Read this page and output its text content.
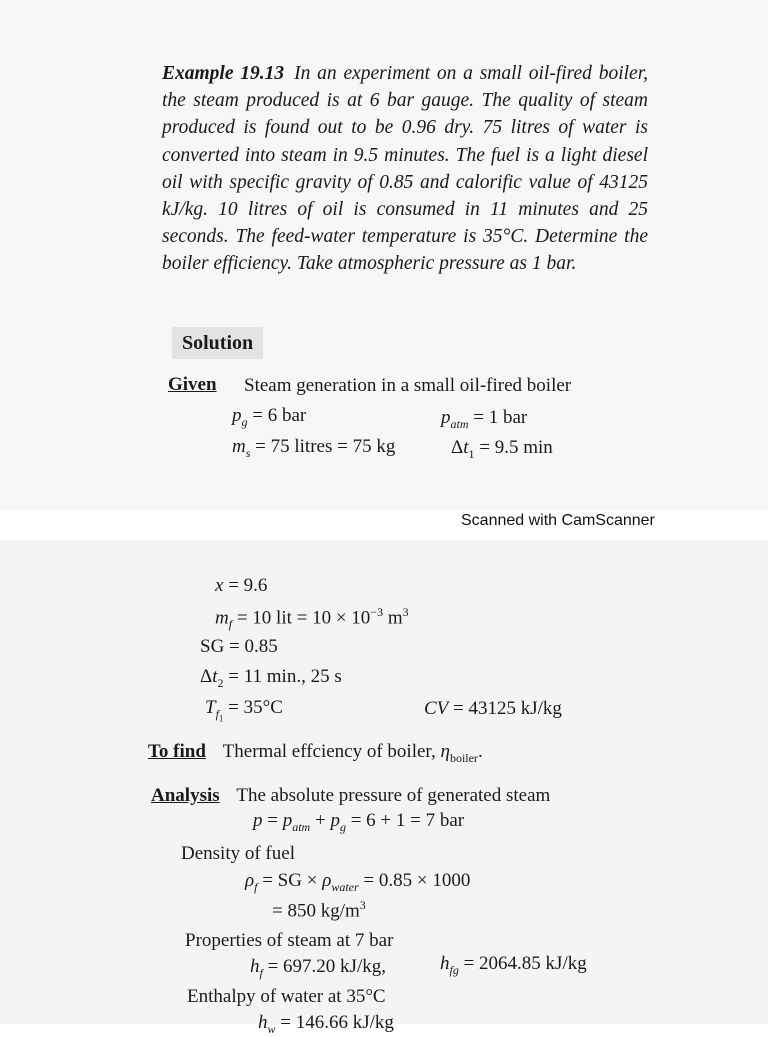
Example 19.13 In an experiment on a small oil-fired boiler, the steam produced is at 6 bar gauge. The quality of steam produced is found out to be 0.96 dry. 75 litres of water is converted into steam in 9.5 minutes. The fuel is a light diesel oil with specific gravity of 0.85 and calorific value of 43125 kJ/kg. 10 litres of oil is consumed in 11 minutes and 25 seconds. The feed-water temperature is 35°C. Determine the boiler efficiency. Take atmospheric pressure as 1 bar.
Solution
Given Steam generation in a small oil-fired boiler
$p_g = 6$ bar	$p_{atm} = 1$ bar
$m_s = 75$ litres = 75 kg	$\Delta t_1 = 9.5$ min
Scanned with CamScanner
x = 9.6
$m_f = 10$ lit = $10 \times 10^{-3}$ $m^3$
SG = 0.85
$\Delta t_2 = 11$ min., 25 s
$T_{f_1} = 35^\circ C$	CV = 43125 kJ/kg
To find Thermal effciency of boiler, $\eta_{boiler}$.
Analysis The absolute pressure of generated steam
$p = p_{atm} + p_g = 6 + 1 = 7$ bar
Density of fuel
$\rho_f$ = SG × $\rho_{water} = 0.85 \times 1000$
= 850 $kg/m^3$
Properties of steam at 7 bar
$h_f = 697.20$ kJ/kg,	$h_{fg} = 2064.85$ kJ/kg
Enthalpy of water at 35°C
$h_w = 146.66$ kJ/kg
